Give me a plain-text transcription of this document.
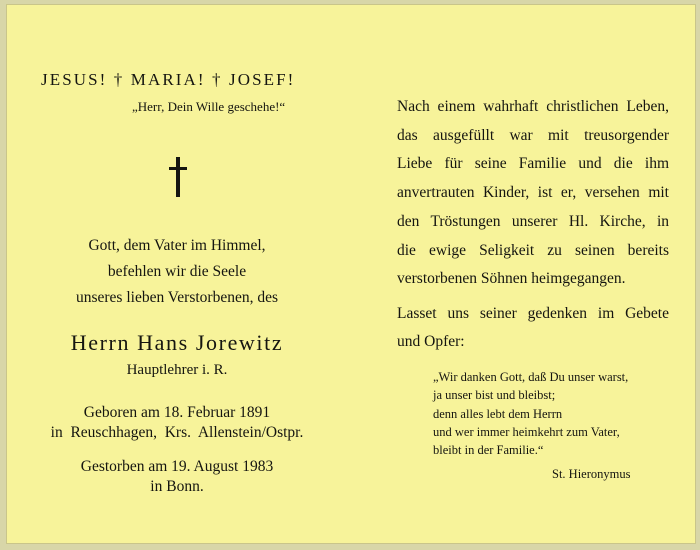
JESUS! † MARIA! † JOSEF!
„Herr, Dein Wille geschehe!“
Gott, dem Vater im Himmel,
befehlen wir die Seele
unseres lieben Verstorbenen, des
Herrn Hans Jorewitz
Hauptlehrer i. R.
Geboren am 18. Februar 1891
in  Reuschhagen,  Krs.  Allenstein/Ostpr.
Gestorben am 19. August 1983
in Bonn.
Nach einem wahrhaft christlichen Leben,
das ausgefüllt war mit treusorgender
Liebe für seine Familie und die ihm
anvertrauten Kinder, ist er, versehen mit
den Tröstungen unserer Hl. Kirche, in
die ewige Seligkeit zu seinen bereits
verstorbenen Söhnen heimgegangen.
Lasset uns seiner gedenken im Gebete
und Opfer:
„Wir danken Gott, daß Du unser warst,
ja unser bist und bleibst;
denn alles lebt dem Herrn
und wer immer heimkehrt zum Vater,
bleibt in der Familie.“
St. Hieronymus
